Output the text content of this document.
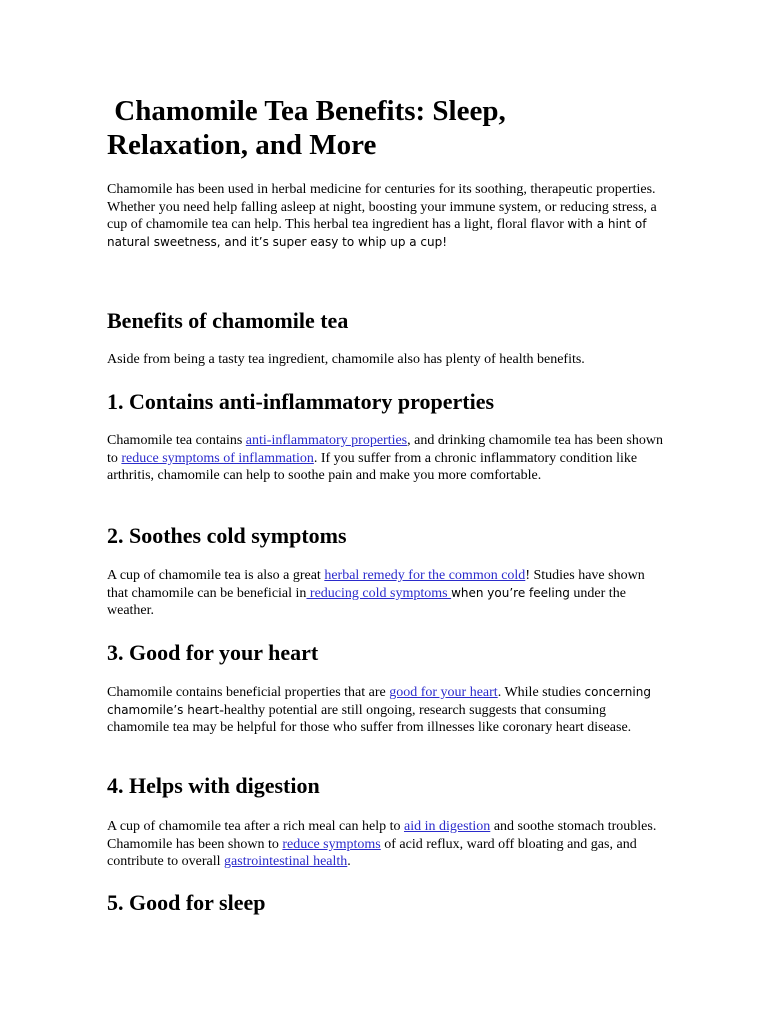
Chamomile Tea Benefits: Sleep, Relaxation, and More

Chamomile has been used in herbal medicine for centuries for its soothing, therapeutic properties. Whether you need help falling asleep at night, boosting your immune system, or reducing stress, a cup of chamomile tea can help. This herbal tea ingredient has a light, floral flavor with a hint of natural sweetness, and it’s super easy to whip up a cup!

Benefits of chamomile tea

Aside from being a tasty tea ingredient, chamomile also has plenty of health benefits.

1. Contains anti-inflammatory properties

Chamomile tea contains anti-inflammatory properties, and drinking chamomile tea has been shown to reduce symptoms of inflammation. If you suffer from a chronic inflammatory condition like arthritis, chamomile can help to soothe pain and make you more comfortable.

2. Soothes cold symptoms

A cup of chamomile tea is also a great herbal remedy for the common cold! Studies have shown that chamomile can be beneficial in reducing cold symptoms when you’re feeling under the weather.

3. Good for your heart

Chamomile contains beneficial properties that are good for your heart. While studies concerning chamomile’s heart-healthy potential are still ongoing, research suggests that consuming chamomile tea may be helpful for those who suffer from illnesses like coronary heart disease.

4. Helps with digestion

A cup of chamomile tea after a rich meal can help to aid in digestion and soothe stomach troubles. Chamomile has been shown to reduce symptoms of acid reflux, ward off bloating and gas, and contribute to overall gastrointestinal health.

5. Good for sleep
